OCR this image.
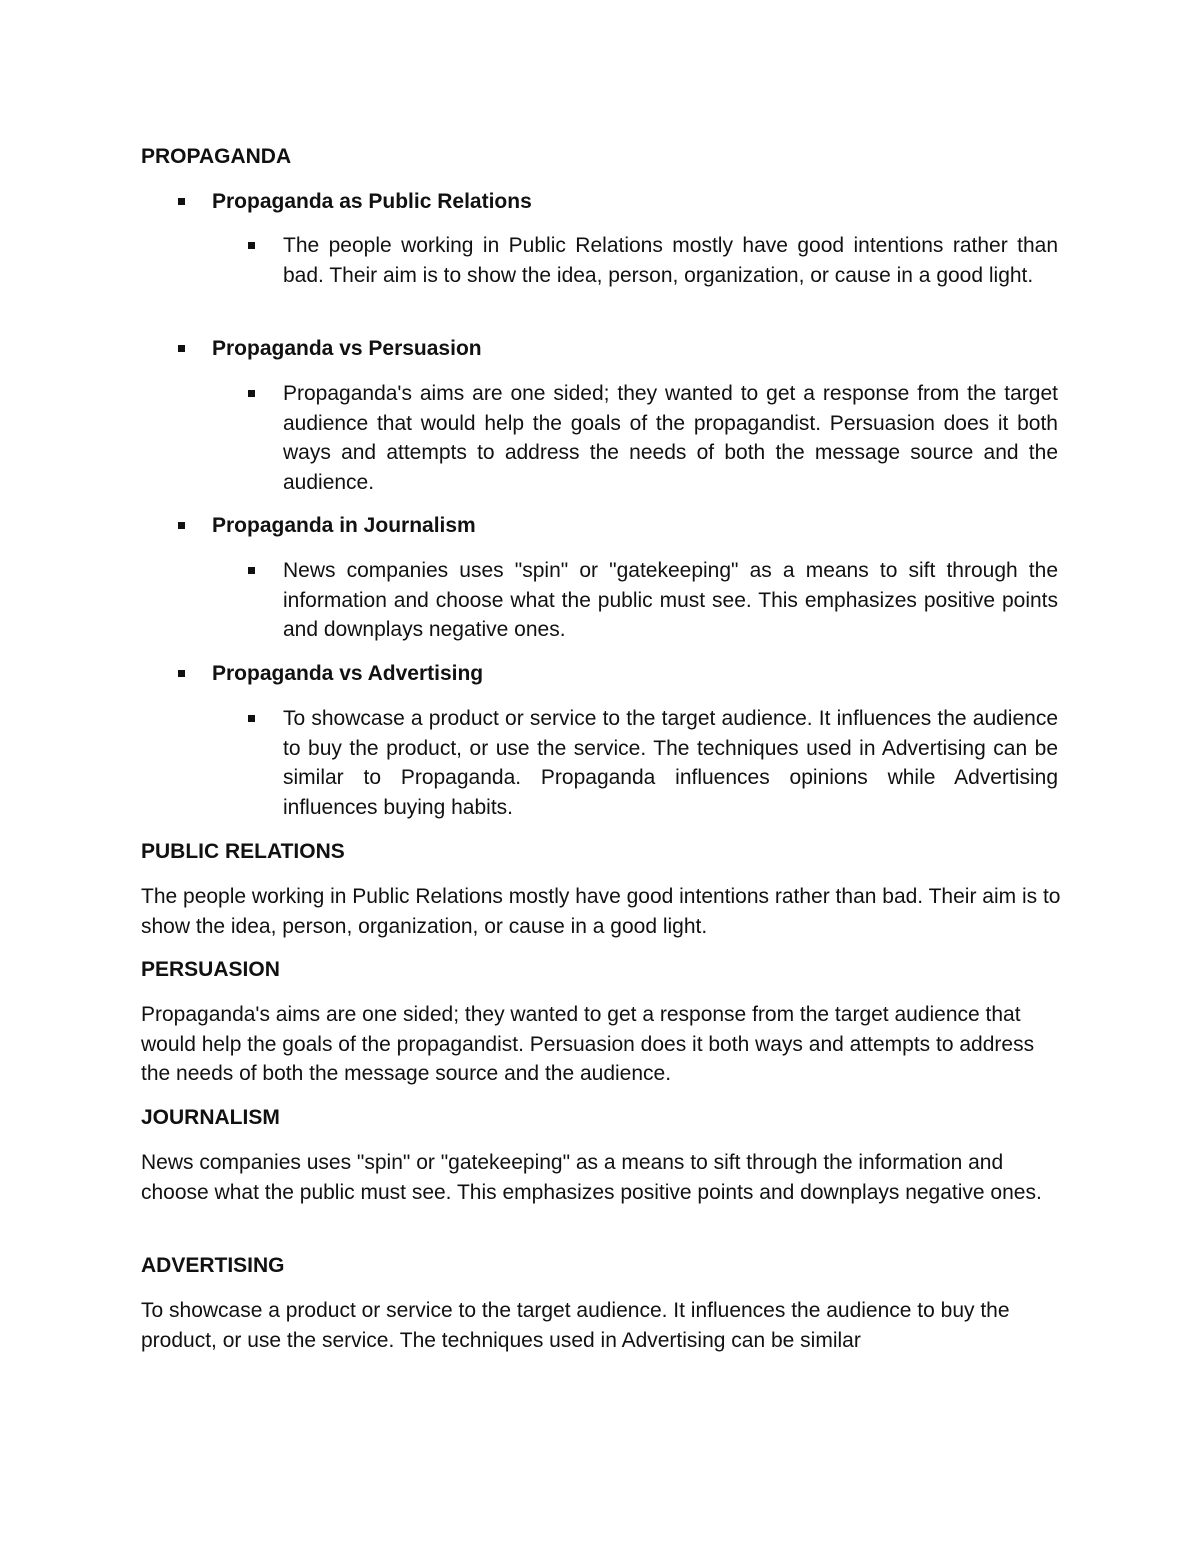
PROPAGANDA
Propaganda as Public Relations
The people working in Public Relations mostly have good intentions rather than bad. Their aim is to show the idea, person, organization, or cause in a good light.
Propaganda vs Persuasion
Propaganda's aims are one sided; they wanted to get a response from the target audience that would help the goals of the propagandist. Persuasion does it both ways and attempts to address the needs of both the message source and the audience.
Propaganda in Journalism
News companies uses "spin" or "gatekeeping" as a means to sift through the information and choose what the public must see. This emphasizes positive points and downplays negative ones.
Propaganda vs Advertising
To showcase a product or service to the target audience. It influences the audience to buy the product, or use the service. The techniques used in Advertising can be similar to Propaganda. Propaganda influences opinions while Advertising influences buying habits.
PUBLIC RELATIONS

The people working in Public Relations mostly have good intentions rather than bad. Their aim is to show the idea, person, organization, or cause in a good light.

PERSUASION

Propaganda's aims are one sided; they wanted to get a response from the target audience that would help the goals of the propagandist. Persuasion does it both ways and attempts to address the needs of both the message source and the audience.

JOURNALISM

News companies uses "spin" or "gatekeeping" as a means to sift through the information and choose what the public must see. This emphasizes positive points and downplays negative ones.

ADVERTISING

To showcase a product or service to the target audience. It influences the audience to buy the product, or use the service. The techniques used in Advertising can be similar
